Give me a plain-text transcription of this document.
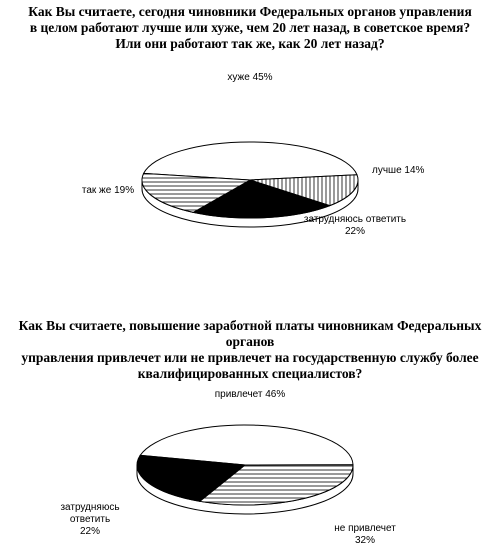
Как Вы считаете, сегодня чиновники Федеральных органов управления
в целом работают лучше или хуже, чем 20 лет назад, в советское время?
Или они работают так же, как 20 лет назад?
Как Вы считаете, повышение заработной платы чиновникам Федеральных органов
управления привлечет или не привлечет на государственную службу более
квалифицированных специалистов?
хуже 45%
лучше 14%
затрудняюсь ответить 22%
так же 19%
привлечет 46%
не привлечет 32%
затрудняюсь ответить 22%
